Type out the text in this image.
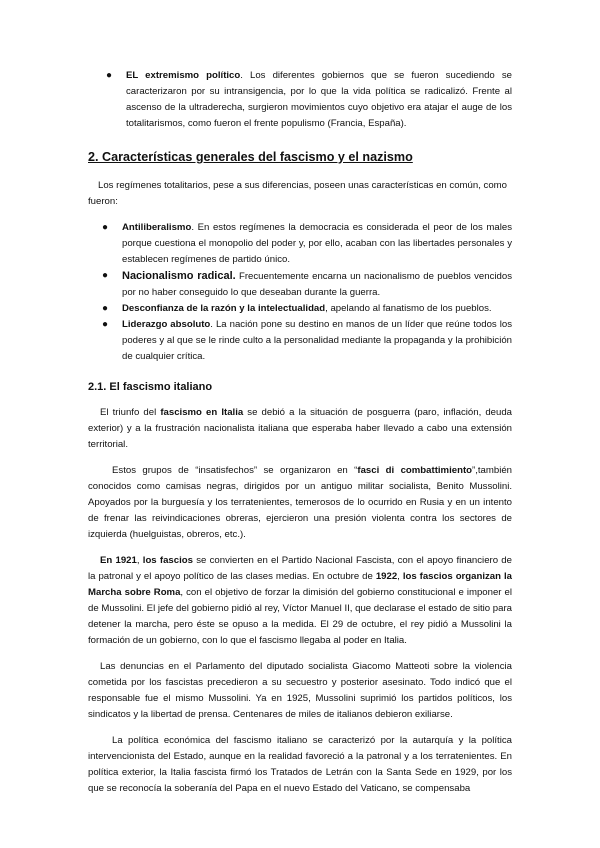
● EL extremismo político. Los diferentes gobiernos que se fueron sucediendo se caracterizaron por su intransigencia, por lo que la vida política se radicalizó. Frente al ascenso de la ultraderecha, surgieron movimientos cuyo objetivo era atajar el auge de los totalitarismos, como fueron el frente populismo (Francia, España).
2. Características generales del fascismo y el nazismo

Los regímenes totalitarios, pese a sus diferencias, poseen unas características en común, como fueron:

● Antiliberalismo. En estos regímenes la democracia es considerada el peor de los males porque cuestiona el monopolio del poder y, por ello, acaban con las libertades personales y establecen regímenes de partido único.
● Nacionalismo radical. Frecuentemente encarna un nacionalismo de pueblos vencidos por no haber conseguido lo que deseaban durante la guerra.
● Desconfianza de la razón y la intelectualidad, apelando al fanatismo de los pueblos.
● Liderazgo absoluto. La nación pone su destino en manos de un líder que reúne todos los poderes y al que se le rinde culto a la personalidad mediante la propaganda y la prohibición de cualquier crítica.
2.1. El fascismo italiano

El triunfo del fascismo en Italia se debió a la situación de posguerra (paro, inflación, deuda exterior) y a la frustración nacionalista italiana que esperaba haber llevado a cabo una extensión territorial.

Estos grupos de “insatisfechos” se organizaron en “fasci di combattimiento”,también conocidos como camisas negras, dirigidos por un antiguo militar socialista, Benito Mussolini. Apoyados por la burguesía y los terratenientes, temerosos de lo ocurrido en Rusia y en un intento de frenar las reivindicaciones obreras, ejercieron una presión violenta contra los sectores de izquierda (huelguistas, obreros, etc.).

En 1921, los fascios se convierten en el Partido Nacional Fascista, con el apoyo financiero de la patronal y el apoyo político de las clases medias. En octubre de 1922, los fascios organizan la Marcha sobre Roma, con el objetivo de forzar la dimisión del gobierno constitucional e imponer el de Mussolini. El jefe del gobierno pidió al rey, Víctor Manuel II, que declarase el estado de sitio para detener la marcha, pero éste se opuso a la medida. El 29 de octubre, el rey pidió a Mussolini la formación de un gobierno, con lo que el fascismo llegaba al poder en Italia.

Las denuncias en el Parlamento del diputado socialista Giacomo Matteoti sobre la violencia cometida por los fascistas precedieron a su secuestro y posterior asesinato. Todo indicó que el responsable fue el mismo Mussolini. Ya en 1925, Mussolini suprimió los partidos políticos, los sindicatos y la libertad de prensa. Centenares de miles de italianos debieron exiliarse.

La política económica del fascismo italiano se caracterizó por la autarquía y la política intervencionista del Estado, aunque en la realidad favoreció a la patronal y a los terratenientes. En política exterior, la Italia fascista firmó los Tratados de Letrán con la Santa Sede en 1929, por los que se reconocía la soberanía del Papa en el nuevo Estado del Vaticano, se compensaba
